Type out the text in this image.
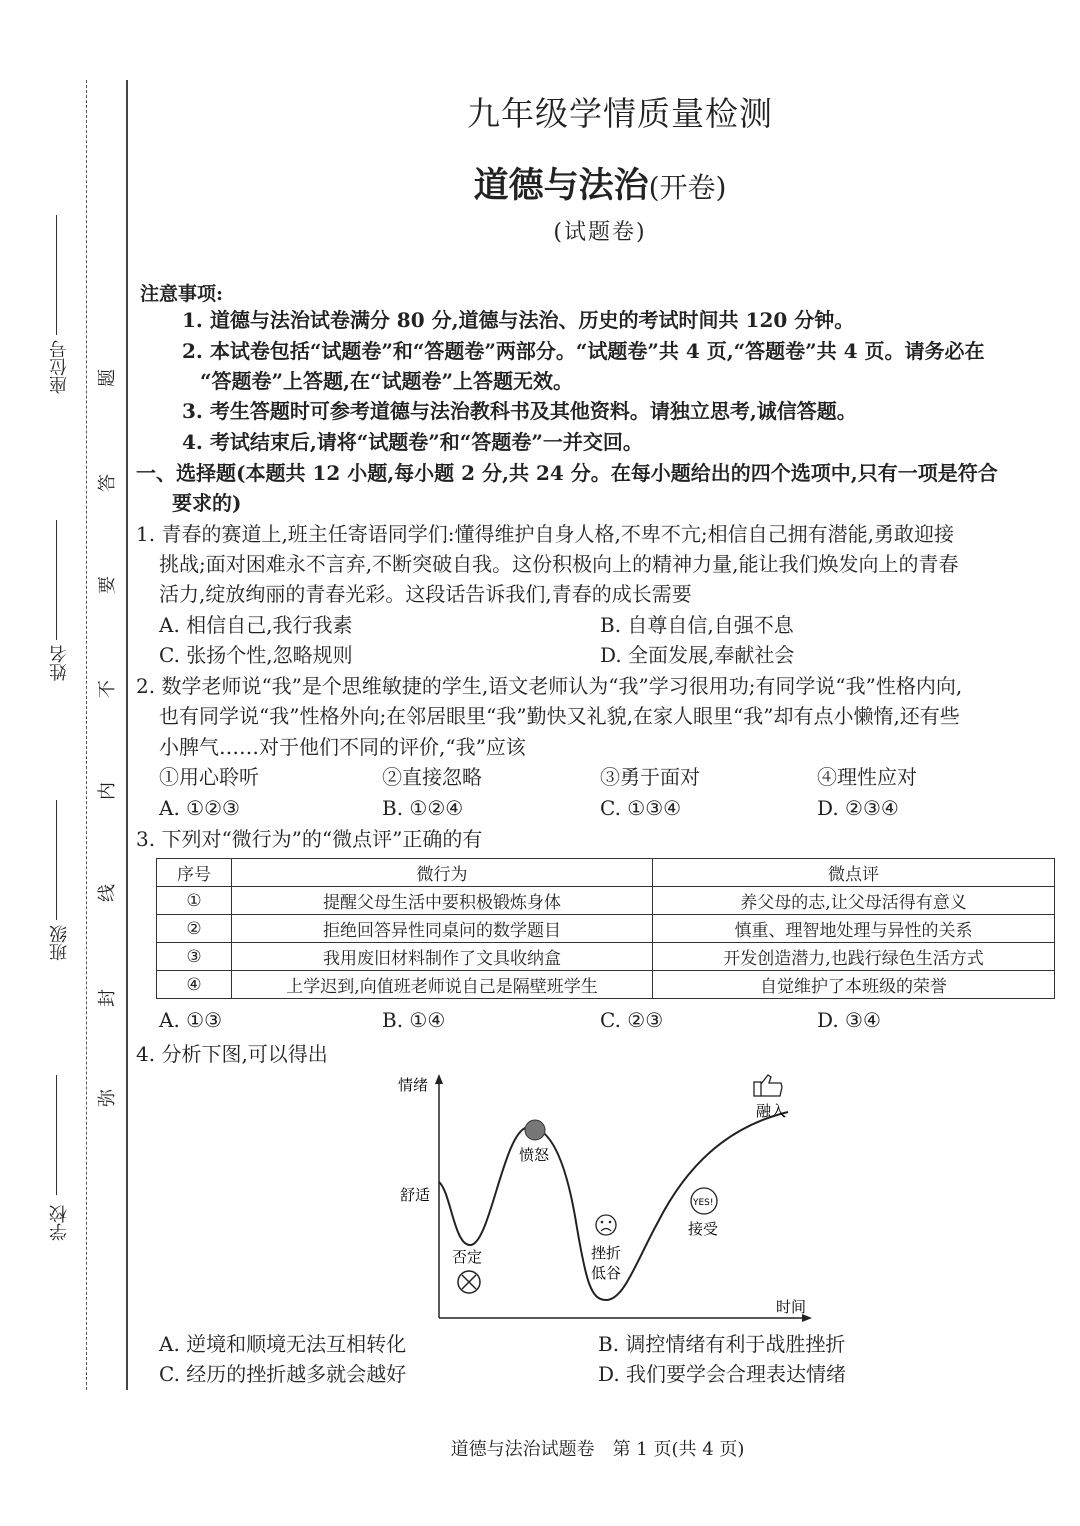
座位号
姓名
班级
学校
题
答
要
不
内
线
封
弥
九年级学情质量检测
道德与法治(开卷)
(试题卷)
注意事项:
1. 道德与法治试卷满分 80 分,道德与法治、历史的考试时间共 120 分钟。
2. 本试卷包括“试题卷”和“答题卷”两部分。“试题卷”共 4 页,“答题卷”共 4 页。请务必在
“答题卷”上答题,在“试题卷”上答题无效。
3. 考生答题时可参考道德与法治教科书及其他资料。请独立思考,诚信答题。
4. 考试结束后,请将“试题卷”和“答题卷”一并交回。
一、选择题(本题共 12 小题,每小题 2 分,共 24 分。在每小题给出的四个选项中,只有一项是符合
要求的)
1. 青春的赛道上,班主任寄语同学们:懂得维护自身人格,不卑不亢;相信自己拥有潜能,勇敢迎接
挑战;面对困难永不言弃,不断突破自我。这份积极向上的精神力量,能让我们焕发向上的青春
活力,绽放绚丽的青春光彩。这段话告诉我们,青春的成长需要
A. 相信自己,我行我素	B. 自尊自信,自强不息
C. 张扬个性,忽略规则	D. 全面发展,奉献社会
2. 数学老师说“我”是个思维敏捷的学生,语文老师认为“我”学习很用功;有同学说“我”性格内向,
也有同学说“我”性格外向;在邻居眼里“我”勤快又礼貌,在家人眼里“我”却有点小懒惰,还有些
小脾气……对于他们不同的评价,“我”应该
①用心聆听	②直接忽略	③勇于面对	④理性应对
A. ①②③	B. ①②④	C. ①③④	D. ②③④
3. 下列对“微行为”的“微点评”正确的有
序号	微行为	微点评
①	提醒父母生活中要积极锻炼身体	养父母的志,让父母活得有意义
②	拒绝回答异性同桌问的数学题目	慎重、理智地处理与异性的关系
③	我用废旧材料制作了文具收纳盒	开发创造潜力,也践行绿色生活方式
④	上学迟到,向值班老师说自己是隔壁班学生	自觉维护了本班级的荣誉
A. ①③	B. ①④	C. ②③	D. ③④
4. 分析下图,可以得出
情绪
时间
舒适
愤怒
否定	挫折
低谷
YES!
接受
融入
A. 逆境和顺境无法互相转化	B. 调控情绪有利于战胜挫折
C. 经历的挫折越多就会越好	D. 我们要学会合理表达情绪
道德与法治试题卷　第 1 页(共 4 页)
